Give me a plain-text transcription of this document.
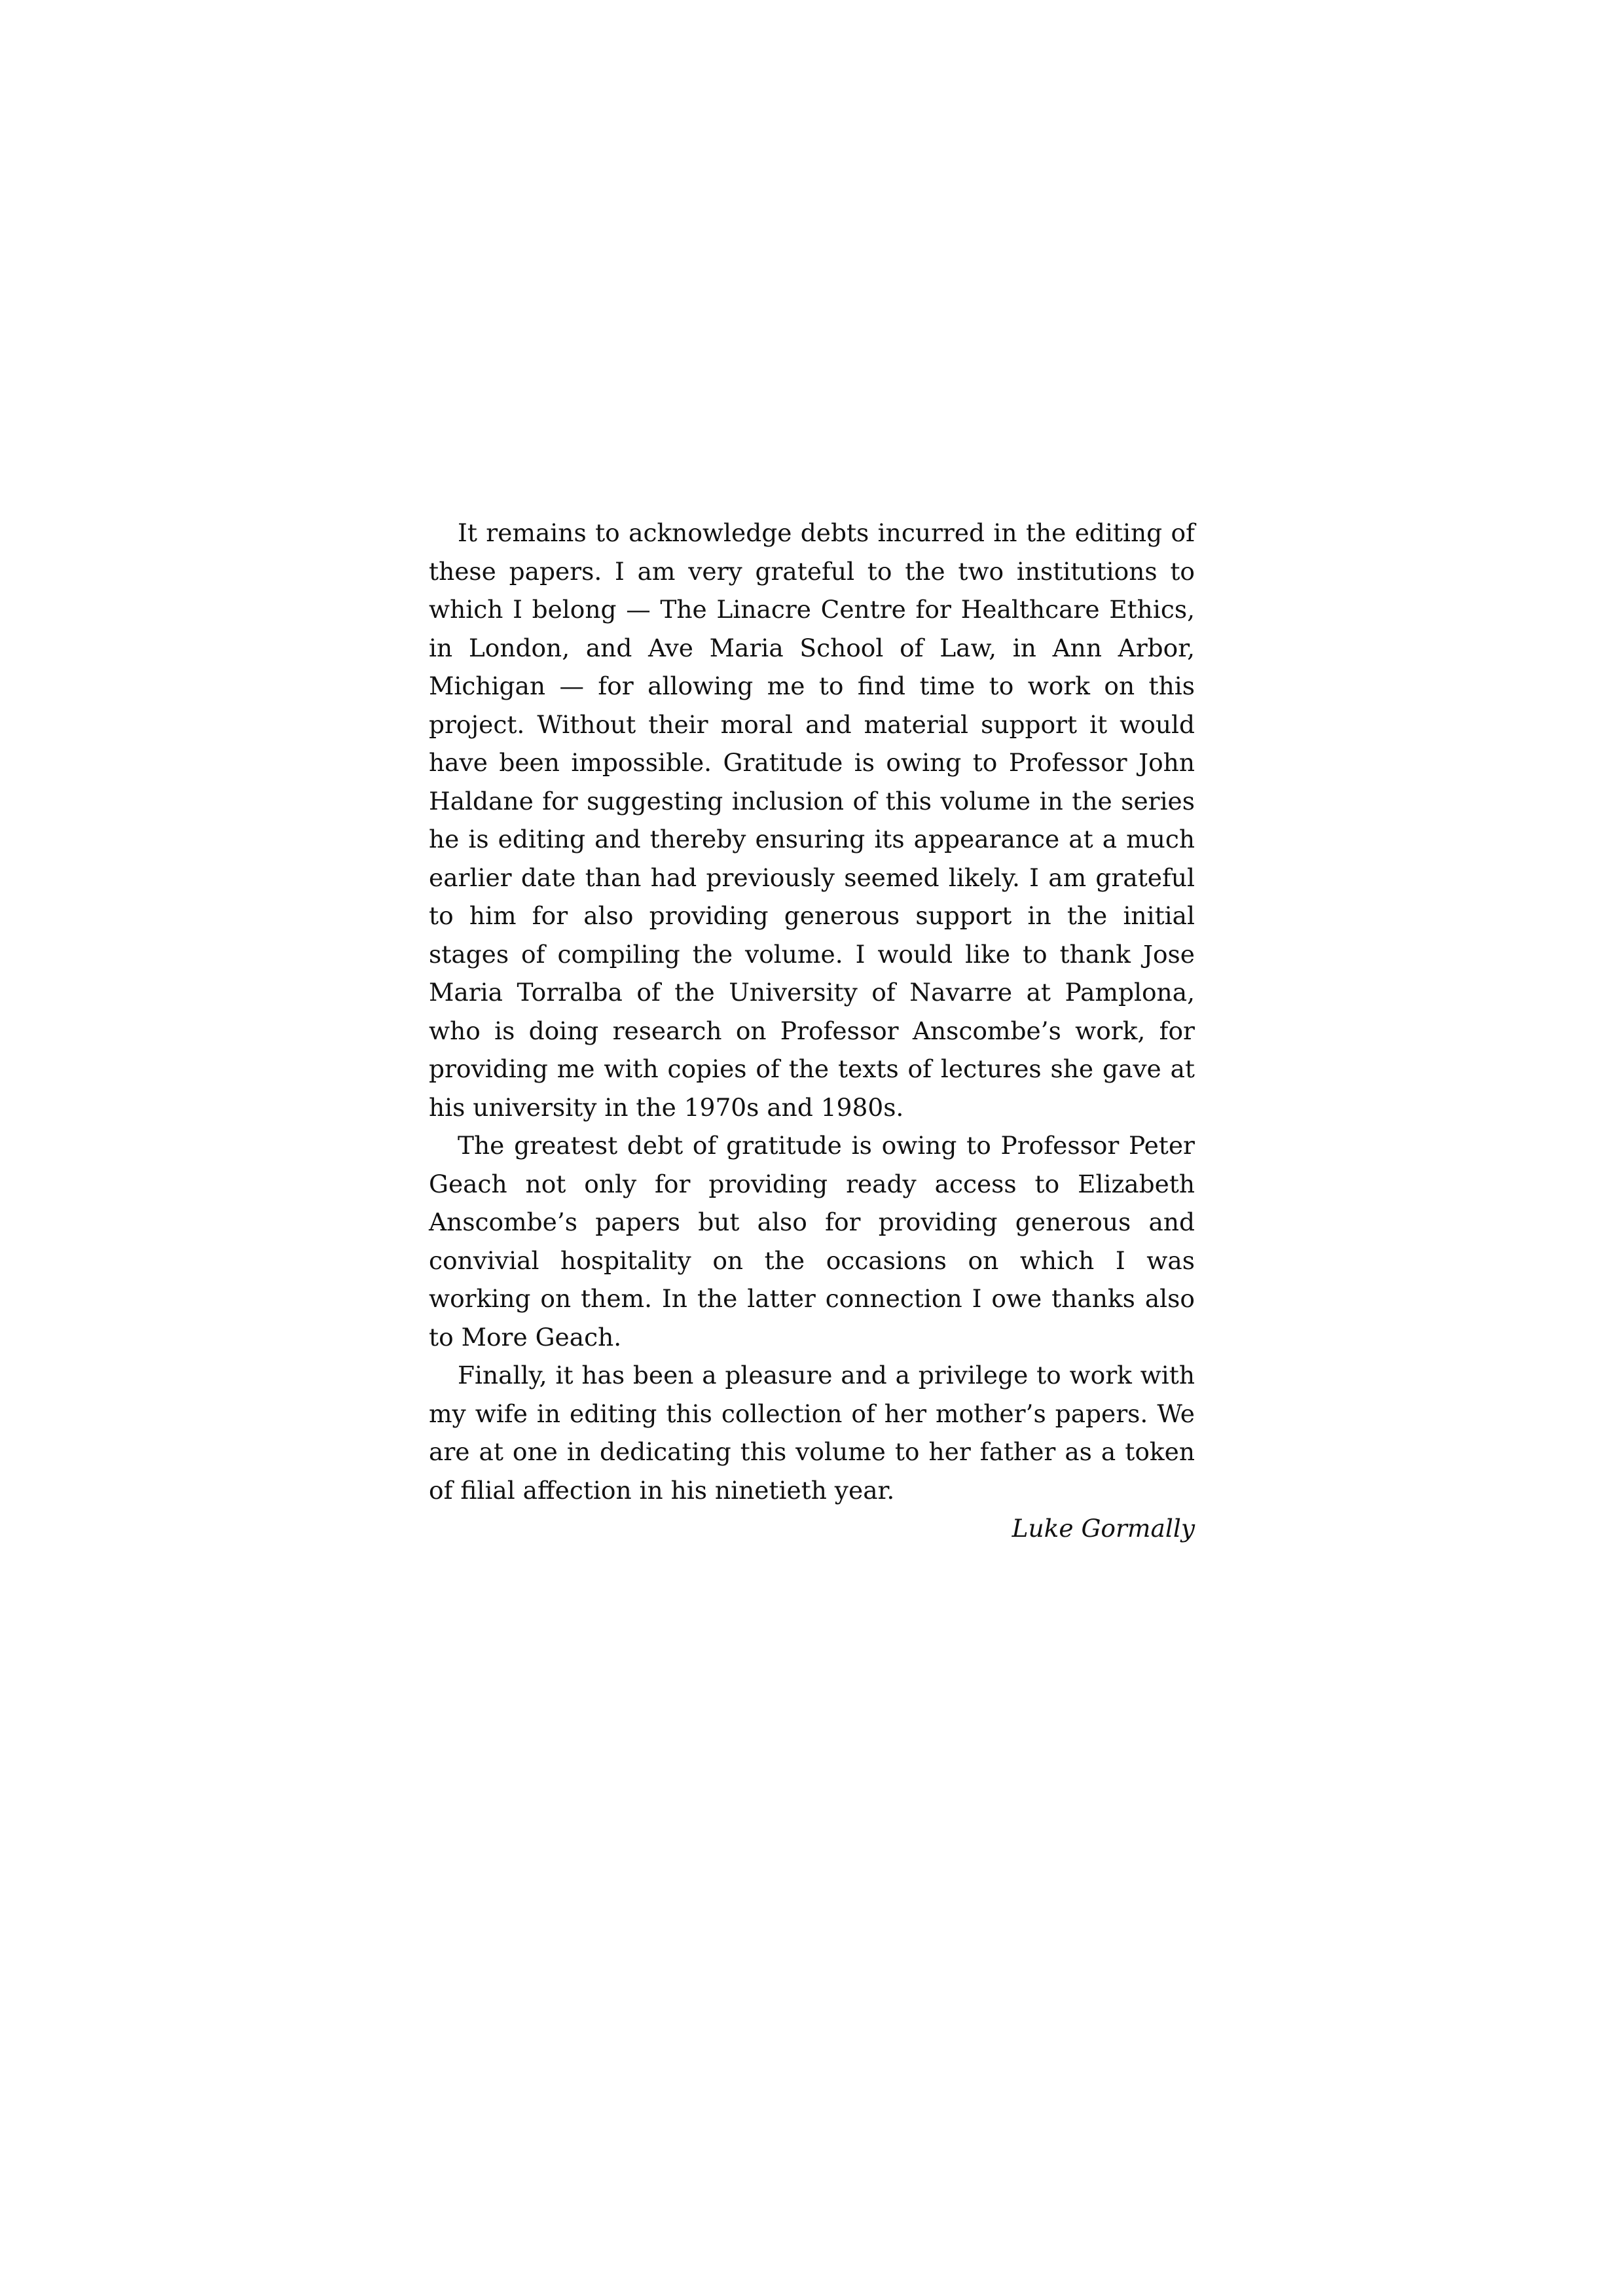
It remains to acknowledge debts incurred in the editing of these papers. I am very grateful to the two institutions to which I belong — The Linacre Centre for Healthcare Ethics, in London, and Ave Maria School of Law, in Ann Arbor, Michigan — for allowing me to find time to work on this project. Without their moral and material support it would have been impossible. Gratitude is owing to Professor John Haldane for suggesting inclusion of this volume in the series he is editing and thereby ensuring its appearance at a much earlier date than had previously seemed likely. I am grateful to him for also providing generous support in the initial stages of compiling the volume. I would like to thank Jose Maria Torralba of the University of Navarre at Pamplona, who is doing research on Professor Anscombe’s work, for providing me with copies of the texts of lectures she gave at his university in the 1970s and 1980s.

The greatest debt of gratitude is owing to Professor Peter Geach not only for providing ready access to Elizabeth Anscombe’s papers but also for providing generous and convivial hospitality on the occasions on which I was working on them. In the latter connection I owe thanks also to More Geach.

Finally, it has been a pleasure and a privilege to work with my wife in editing this collection of her mother’s papers. We are at one in dedicating this volume to her father as a token of filial affection in his ninetieth year.

Luke Gormally
